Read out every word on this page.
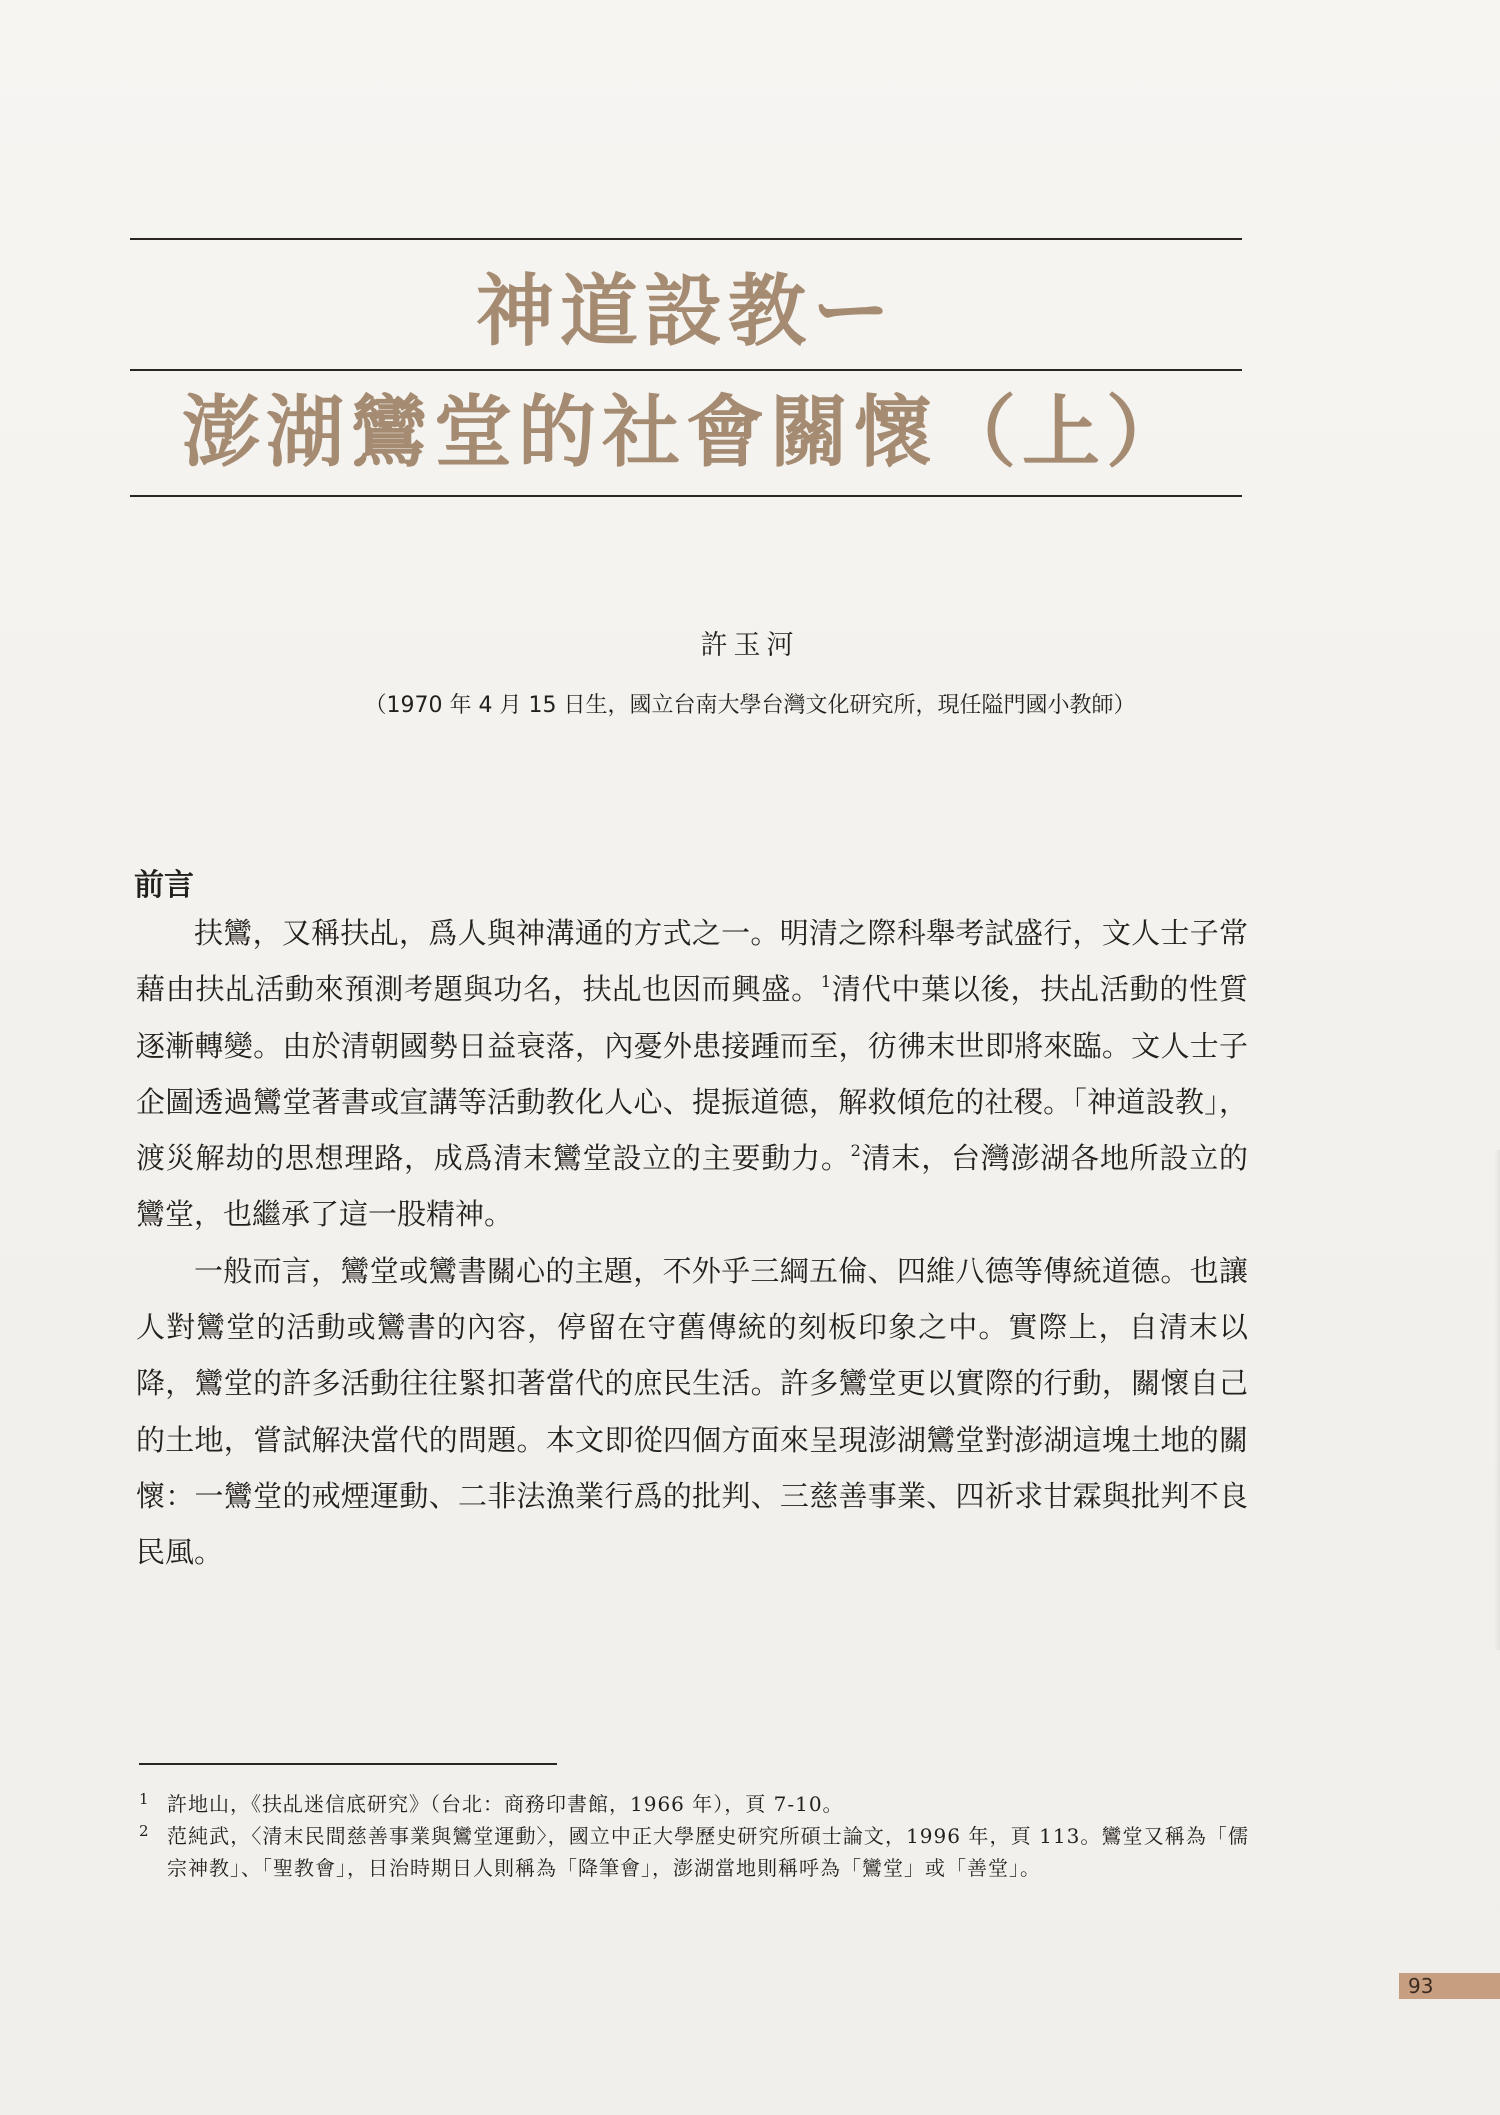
神道設教ー
澎湖鸞堂的社會關懷（上）
許玉河
（1970 年 4 月 15 日生，國立台南大學台灣文化研究所，現任隘門國小教師）
前言

扶鸞，又稱扶乩，爲人與神溝通的方式之一。明清之際科舉考試盛行，文人士子常藉由扶乩活動來預測考題與功名，扶乩也因而興盛。$^1$清代中葉以後，扶乩活動的性質逐漸轉變。由於清朝國勢日益衰落，內憂外患接踵而至，彷彿末世即將來臨。文人士子企圖透過鸞堂著書或宣講等活動教化人心、提振道德，解救傾危的社稷。「神道設教」，渡災解劫的思想理路，成爲清末鸞堂設立的主要動力。$^2$清末，台灣澎湖各地所設立的鸞堂，也繼承了這一股精神。

一般而言，鸞堂或鸞書關心的主題，不外乎三綱五倫、四維八德等傳統道德。也讓人對鸞堂的活動或鸞書的內容，停留在守舊傳統的刻板印象之中。實際上，自清末以降，鸞堂的許多活動往往緊扣著當代的庶民生活。許多鸞堂更以實際的行動，關懷自己的土地，嘗試解決當代的問題。本文即從四個方面來呈現澎湖鸞堂對澎湖這塊土地的關懷：一鸞堂的戒煙運動、二非法漁業行爲的批判、三慈善事業、四祈求甘霖與批判不良民風。

1 許地山，《扶乩迷信底研究》（台北：商務印書館，1966 年），頁 7-10。
2 范純武，〈清末民間慈善事業與鸞堂運動〉，國立中正大學歷史研究所碩士論文，1996 年，頁 113。鸞堂又稱為「儒宗神教」、「聖教會」，日治時期日人則稱為「降筆會」，澎湖當地則稱呼為「鸞堂」或「善堂」。
93
